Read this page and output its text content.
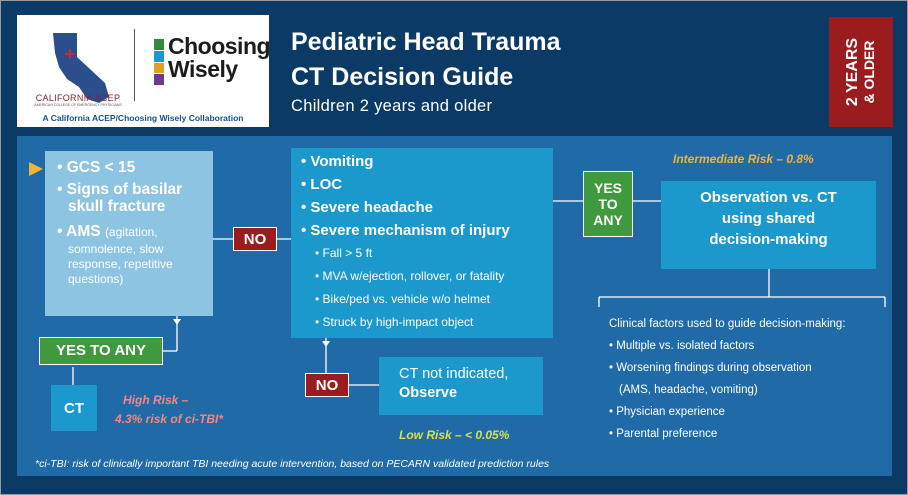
CALIFORNIA ACEP
AMERICAN COLLEGE OF EMERGENCY PHYSICIANS
Choosing
Wisely
A California ACEP/Choosing Wisely Collaboration
Pediatric Head Trauma
CT Decision Guide
Children 2 years and older	2 YEARS & OLDER
• GCS < 15
• Signs of basilar
skull fracture
• AMS (agitation,
somnolence, slow
response, repetitive
questions)
• Vomiting
• LOC
• Severe headache
• Severe mechanism of injury
• Fall > 5 ft
• MVA w/ejection, rollover, or fatality
• Bike/ped vs. vehicle w/o helmet
• Struck by high-impact object
NO
YES TO ANY
NO
YES
TO
ANY
CT	High Risk –
4.3% risk of ci-TBI*
Intermediate Risk – 0.8%
Observation vs. CT
using shared
decision-making
CT not indicated,
Observe
Low Risk – < 0.05%
Clinical factors used to guide decision-making:
• Multiple vs. isolated factors
• Worsening findings during observation
(AMS, headache, vomiting)
• Physician experience
• Parental preference
*ci-TBI: risk of clinically important TBI needing acute intervention, based on PECARN validated prediction rules
